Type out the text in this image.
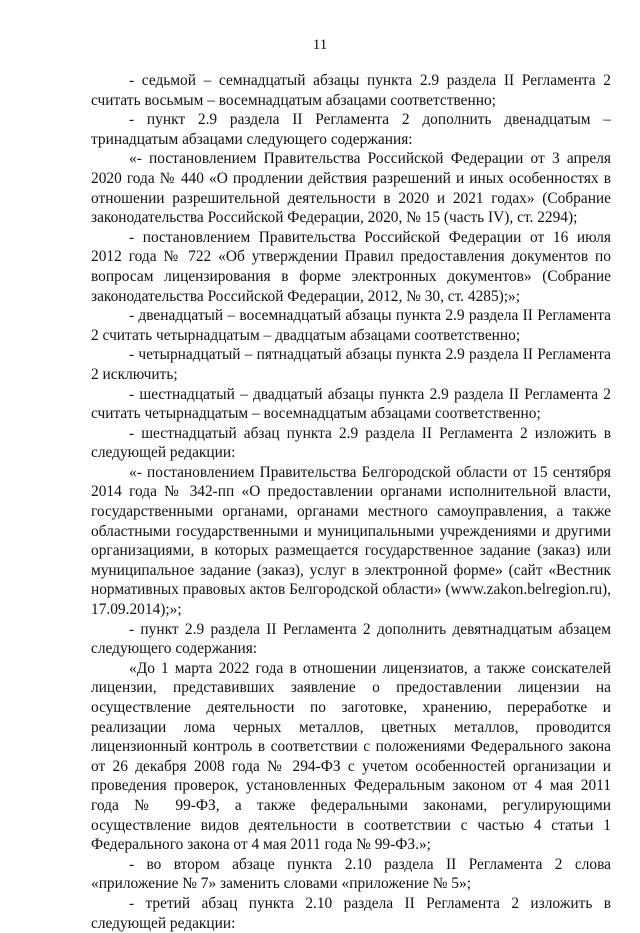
11

- седьмой – семнадцатый абзацы пункта 2.9 раздела II Регламента 2 считать восьмым – восемнадцатым абзацами соответственно;

- пункт 2.9 раздела II Регламента 2 дополнить двенадцатым – тринадцатым абзацами следующего содержания:

«- постановлением Правительства Российской Федерации от 3 апреля 2020 года № 440 «О продлении действия разрешений и иных особенностях в отношении разрешительной деятельности в 2020 и 2021 годах» (Собрание законодательства Российской Федерации, 2020, № 15 (часть IV), ст. 2294);

- постановлением Правительства Российской Федерации от 16 июля 2012 года № 722 «Об утверждении Правил предоставления документов по вопросам лицензирования в форме электронных документов» (Собрание законодательства Российской Федерации, 2012, № 30, ст. 4285);»;

- двенадцатый – восемнадцатый абзацы пункта 2.9 раздела II Регламента 2 считать четырнадцатым – двадцатым абзацами соответственно;

- четырнадцатый – пятнадцатый абзацы пункта 2.9 раздела II Регламента 2 исключить;

- шестнадцатый – двадцатый абзацы пункта 2.9 раздела II Регламента 2 считать четырнадцатым – восемнадцатым абзацами соответственно;

- шестнадцатый абзац пункта 2.9 раздела II Регламента 2 изложить в следующей редакции:

«- постановлением Правительства Белгородской области от 15 сентября 2014 года № 342-пп «О предоставлении органами исполнительной власти, государственными органами, органами местного самоуправления, а также областными государственными и муниципальными учреждениями и другими организациями, в которых размещается государственное задание (заказ) или муниципальное задание (заказ), услуг в электронной форме» (сайт «Вестник нормативных правовых актов Белгородской области» (www.zakon.belregion.ru), 17.09.2014);»;

- пункт 2.9 раздела II Регламента 2 дополнить девятнадцатым абзацем следующего содержания:

«До 1 марта 2022 года в отношении лицензиатов, а также соискателей лицензии, представивших заявление о предоставлении лицензии на осуществление деятельности по заготовке, хранению, переработке и реализации лома черных металлов, цветных металлов, проводится лицензионный контроль в соответствии с положениями Федерального закона от 26 декабря 2008 года № 294-ФЗ с учетом особенностей организации и проведения проверок, установленных Федеральным законом от 4 мая 2011 года № 99-ФЗ, а также федеральными законами, регулирующими осуществление видов деятельности в соответствии с частью 4 статьи 1 Федерального закона от 4 мая 2011 года № 99-ФЗ.»;

- во втором абзаце пункта 2.10 раздела II Регламента 2 слова «приложение № 7» заменить словами «приложение № 5»;

- третий абзац пункта 2.10 раздела II Регламента 2 изложить в следующей редакции:
